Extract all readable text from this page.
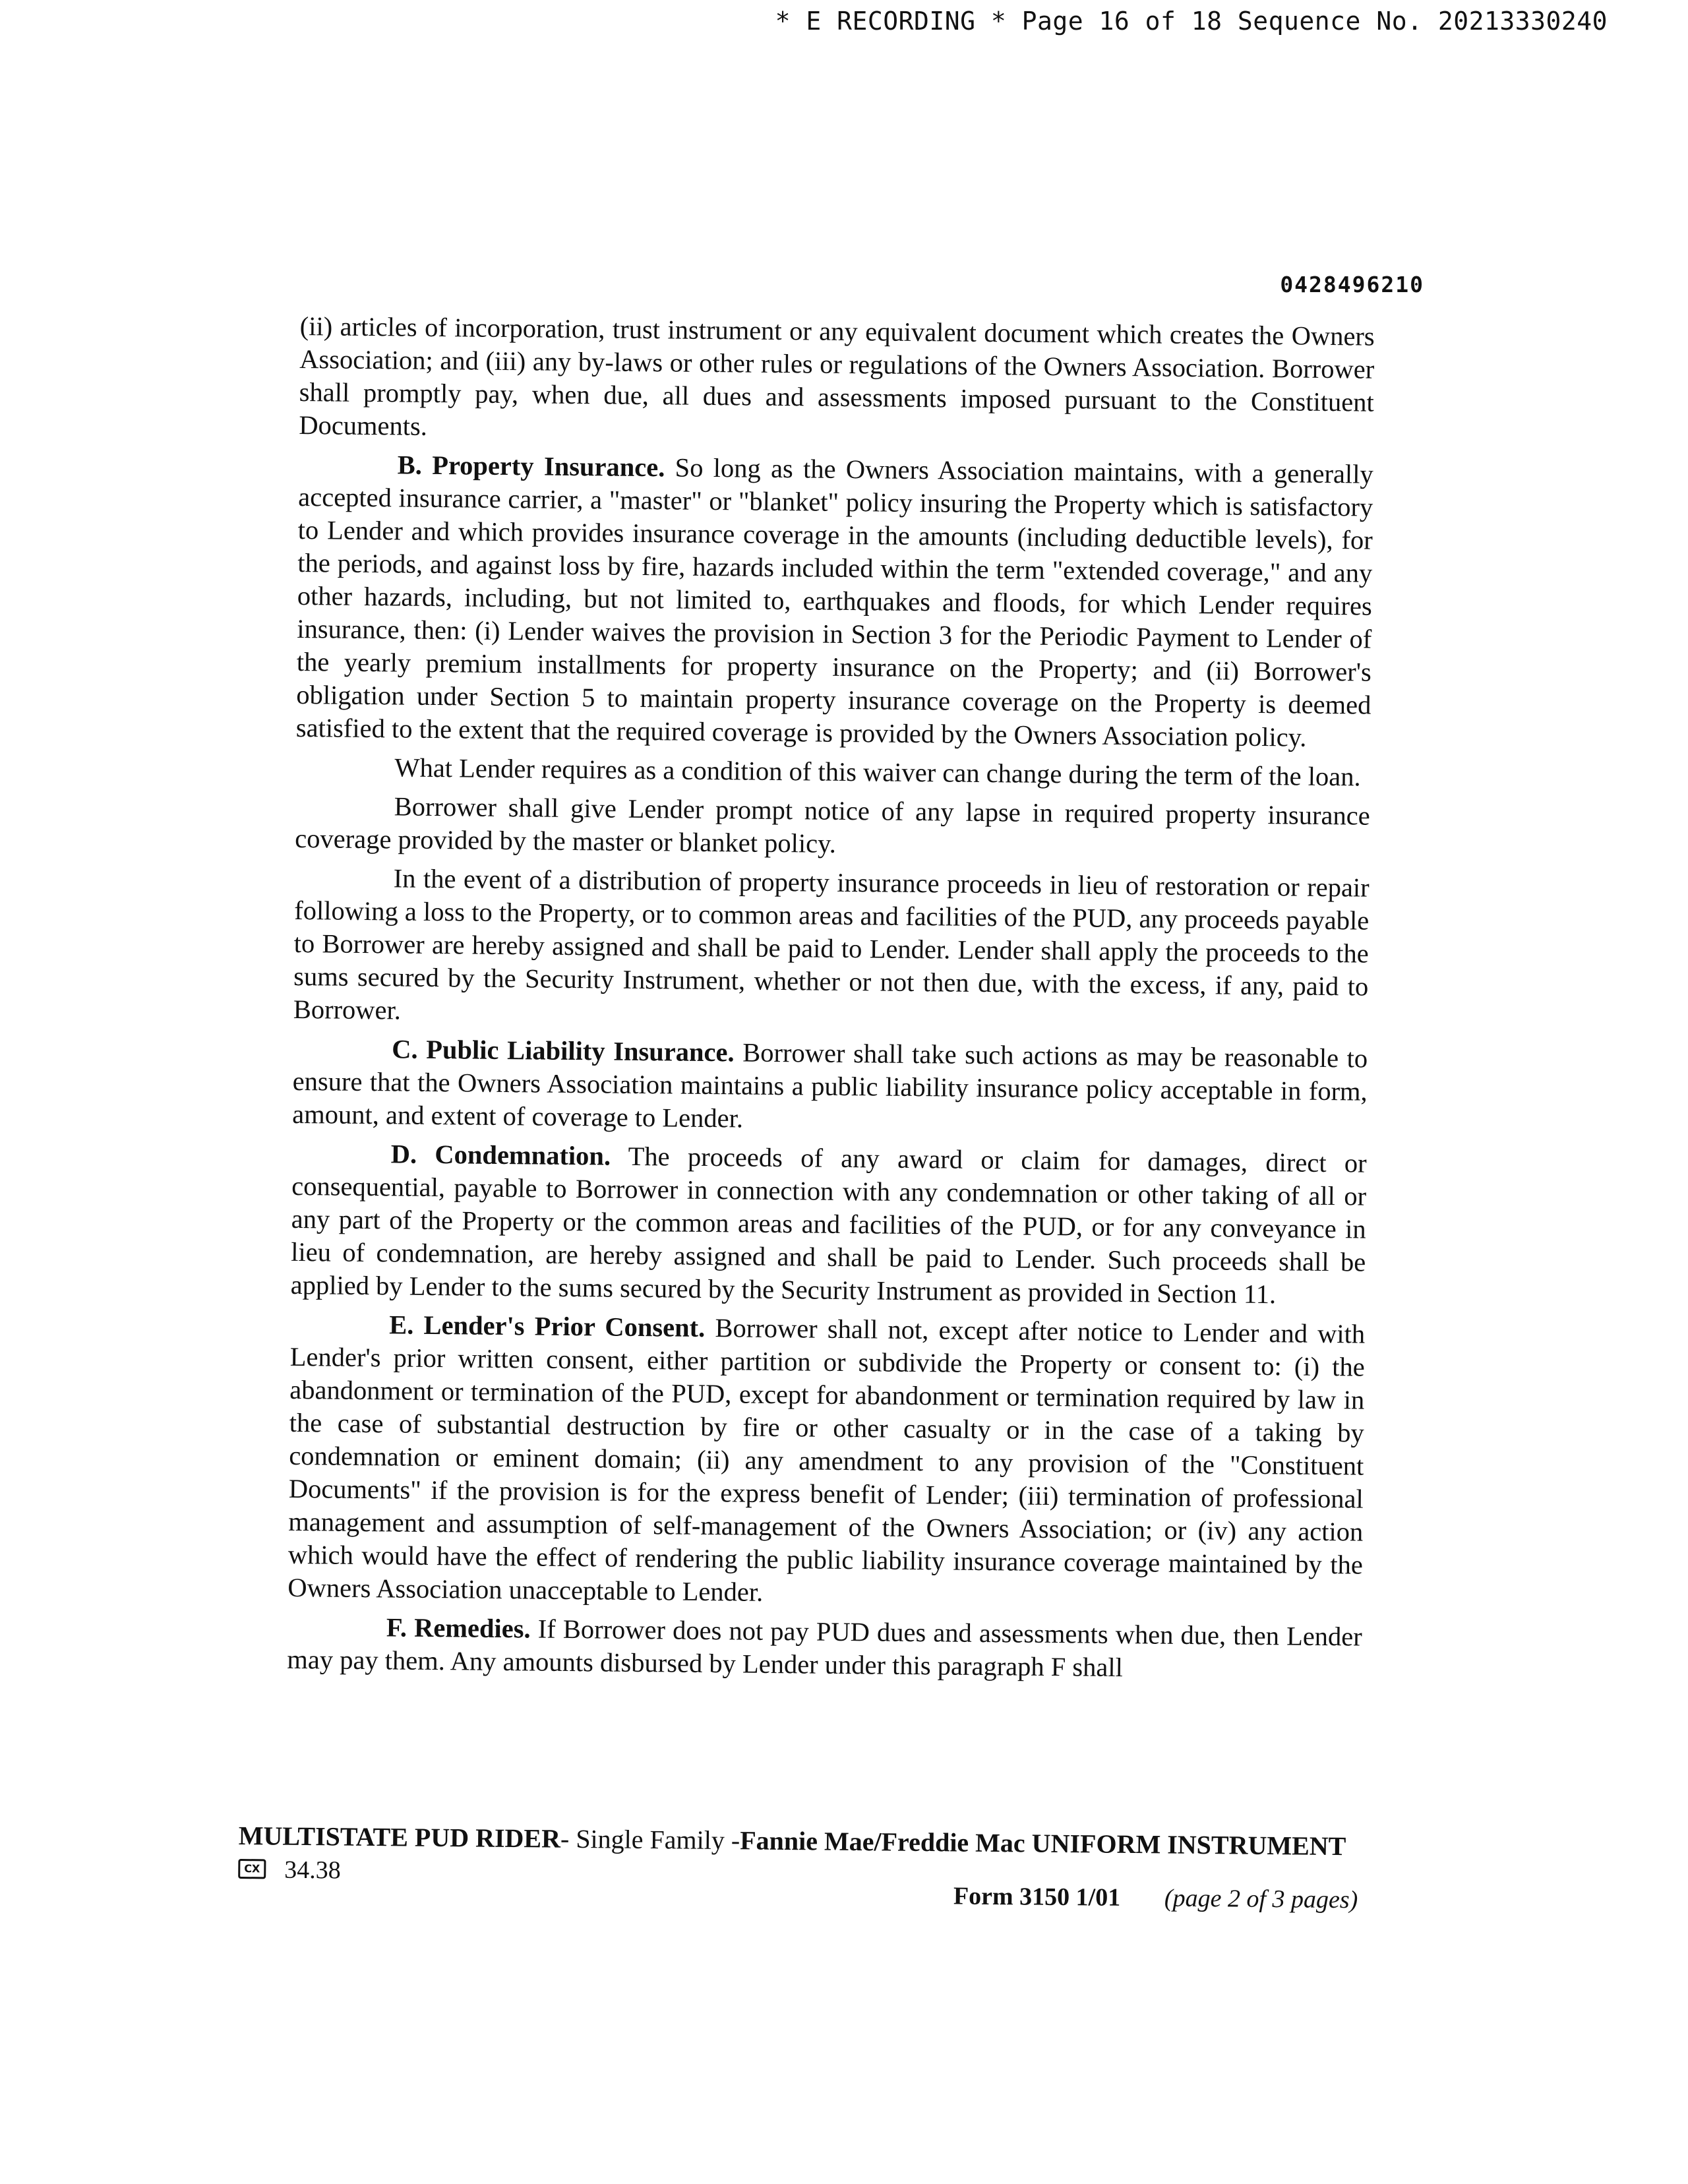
* E RECORDING * Page 16 of 18 Sequence No. 20213330240
0428496210

(ii) articles of incorporation, trust instrument or any equivalent document which creates the Owners Association; and (iii) any by-laws or other rules or regulations of the Owners Association. Borrower shall promptly pay, when due, all dues and assessments imposed pursuant to the Constituent Documents.

B. Property Insurance. So long as the Owners Association maintains, with a generally accepted insurance carrier, a "master" or "blanket" policy insuring the Property which is satisfactory to Lender and which provides insurance coverage in the amounts (including deductible levels), for the periods, and against loss by fire, hazards included within the term "extended coverage," and any other hazards, including, but not limited to, earthquakes and floods, for which Lender requires insurance, then: (i) Lender waives the provision in Section 3 for the Periodic Payment to Lender of the yearly premium installments for property insurance on the Property; and (ii) Borrower's obligation under Section 5 to maintain property insurance coverage on the Property is deemed satisfied to the extent that the required coverage is provided by the Owners Association policy.

What Lender requires as a condition of this waiver can change during the term of the loan.

Borrower shall give Lender prompt notice of any lapse in required property insurance coverage provided by the master or blanket policy.

In the event of a distribution of property insurance proceeds in lieu of restoration or repair following a loss to the Property, or to common areas and facilities of the PUD, any proceeds payable to Borrower are hereby assigned and shall be paid to Lender. Lender shall apply the proceeds to the sums secured by the Security Instrument, whether or not then due, with the excess, if any, paid to Borrower.

C. Public Liability Insurance. Borrower shall take such actions as may be reasonable to ensure that the Owners Association maintains a public liability insurance policy acceptable in form, amount, and extent of coverage to Lender.

D. Condemnation. The proceeds of any award or claim for damages, direct or consequential, payable to Borrower in connection with any condemnation or other taking of all or any part of the Property or the common areas and facilities of the PUD, or for any conveyance in lieu of condemnation, are hereby assigned and shall be paid to Lender. Such proceeds shall be applied by Lender to the sums secured by the Security Instrument as provided in Section 11.

E. Lender's Prior Consent. Borrower shall not, except after notice to Lender and with Lender's prior written consent, either partition or subdivide the Property or consent to: (i) the abandonment or termination of the PUD, except for abandonment or termination required by law in the case of substantial destruction by fire or other casualty or in the case of a taking by condemnation or eminent domain; (ii) any amendment to any provision of the "Constituent Documents" if the provision is for the express benefit of Lender; (iii) termination of professional management and assumption of self-management of the Owners Association; or (iv) any action which would have the effect of rendering the public liability insurance coverage maintained by the Owners Association unacceptable to Lender.

F. Remedies. If Borrower does not pay PUD dues and assessments when due, then Lender may pay them. Any amounts disbursed by Lender under this paragraph F shall

MULTISTATE PUD RIDER- Single Family -Fannie Mae/Freddie Mac UNIFORM INSTRUMENT
CX 34.38
Form 3150 1/01 (page 2 of 3 pages)
